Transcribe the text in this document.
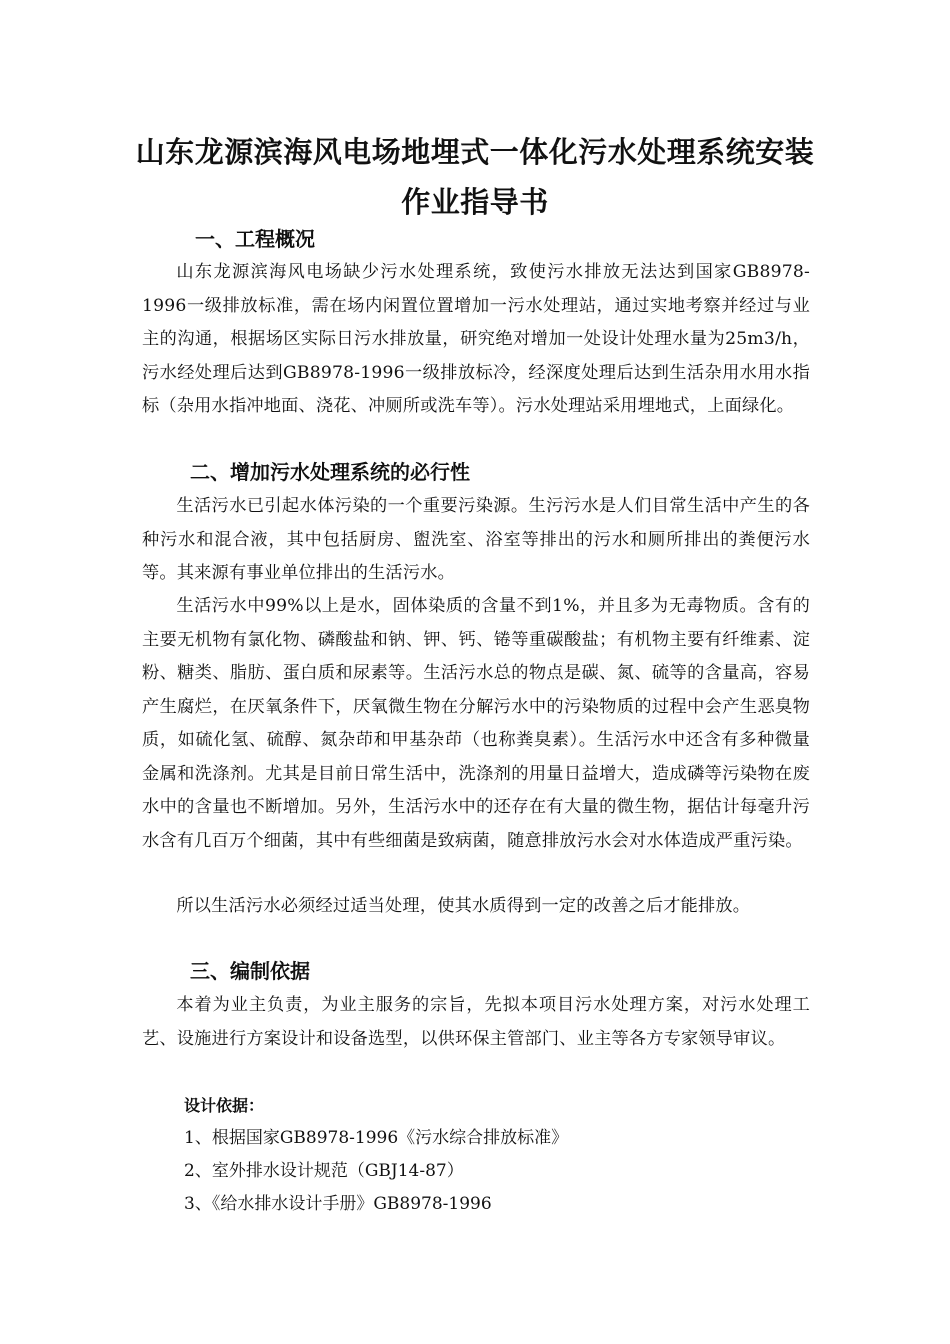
山东龙源滨海风电场地埋式一体化污水处理系统安装
作业指导书
一、工程概况

山东龙源滨海风电场缺少污水处理系统，致使污水排放无法达到国家GB8978-1996一级排放标准，需在场内闲置位置增加一污水处理站，通过实地考察并经过与业主的沟通，根据场区实际日污水排放量，研究绝对增加一处设计处理水量为25m3/h，污水经处理后达到GB8978-1996一级排放标冷，经深度处理后达到生活杂用水用水指标（杂用水指冲地面、浇花、冲厕所或洗车等）。污水处理站采用埋地式，上面绿化。

二、增加污水处理系统的必行性

生活污水已引起水体污染的一个重要污染源。生污污水是人们目常生活中产生的各种污水和混合液，其中包括厨房、盥洗室、浴室等排出的污水和厕所排出的粪便污水等。其来源有事业单位排出的生活污水。

生活污水中99%以上是水，固体染质的含量不到1%，并且多为无毒物质。含有的主要无机物有氯化物、磷酸盐和钠、钾、钙、锩等重碳酸盐；有机物主要有纤维素、淀粉、糖类、脂肪、蛋白质和尿素等。生活污水总的物点是碳、氮、硫等的含量高，容易产生腐烂，在厌氧条件下，厌氧微生物在分解污水中的污染物质的过程中会产生恶臭物质，如硫化氢、硫醇、氮杂茚和甲基杂茚（也称粪臭素）。生活污水中还含有多种微量金属和洗涤剂。尤其是目前日常生活中，洗涤剂的用量日益增大，造成磷等污染物在废水中的含量也不断增加。另外，生活污水中的还存在有大量的微生物，据估计每毫升污水含有几百万个细菌，其中有些细菌是致病菌，随意排放污水会对水体造成严重污染。

所以生活污水必须经过适当处理，使其水质得到一定的改善之后才能排放。

三、编制依据

本着为业主负责，为业主服务的宗旨，先拟本项目污水处理方案，对污水处理工艺、设施进行方案设计和设备选型，以供环保主管部门、业主等各方专家领导审议。

设计依据：

1、根据国家GB8978-1996《污水综合排放标准》

2、室外排水设计规范（GBJ14-87）

3、《给水排水设计手册》GB8978-1996
